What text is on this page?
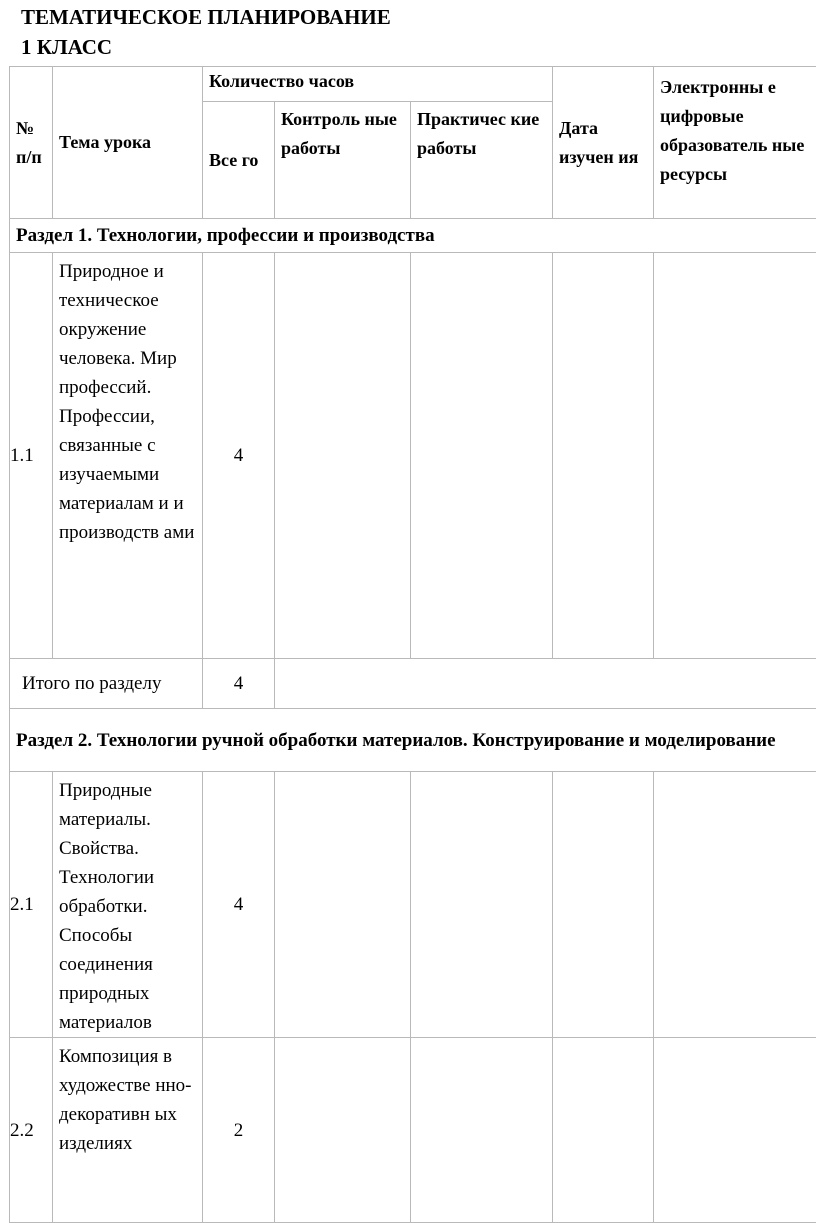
ТЕМАТИЧЕСКОЕ ПЛАНИРОВАНИЕ
1 КЛАСС
№ п/п	Тема урока	Количество часов			Дата изучен ия	Электронны е цифровые образователь ные ресурсы
		Все го	Контроль ные работы	Практичес кие работы		
Раздел 1. Технологии, профессии и производства						
1.1	Природное и техническое окружение человека. Мир профессий. Профессии, связанные с изучаемыми материалам и и производств ами	4				
Итого по разделу		4				
Раздел 2. Технологии ручной обработки материалов. Конструирование и моделирование						
2.1	Природные материалы. Свойства. Технологии обработки. Способы соединения природных материалов	4				
2.2	Композиция в художестве нно- декоративн ых изделиях	2				
